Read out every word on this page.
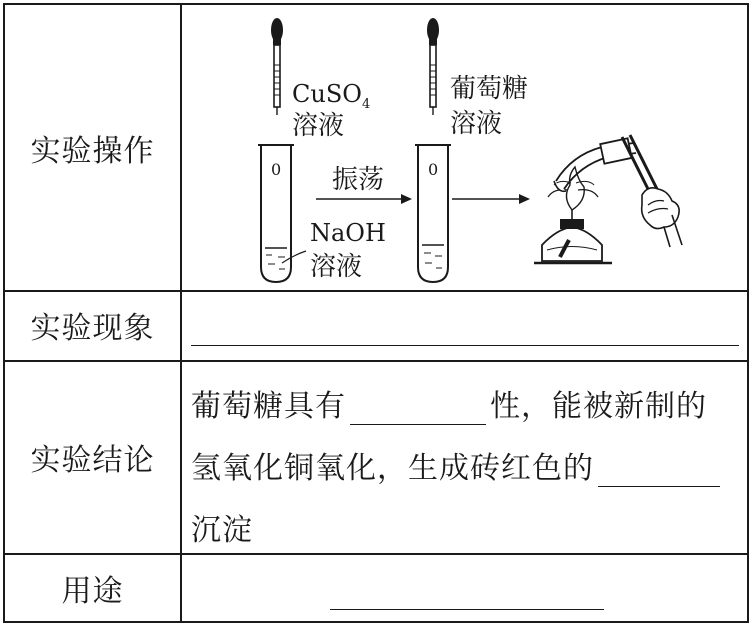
实验操作
实验现象
实验结论
用途
CuSO$_4$
溶液
葡萄糖
溶液
0
NaOH
溶液
振荡	0
葡萄糖具有	性，能被新制的
氢氧化铜氧化，生成砖红色的
沉淀
